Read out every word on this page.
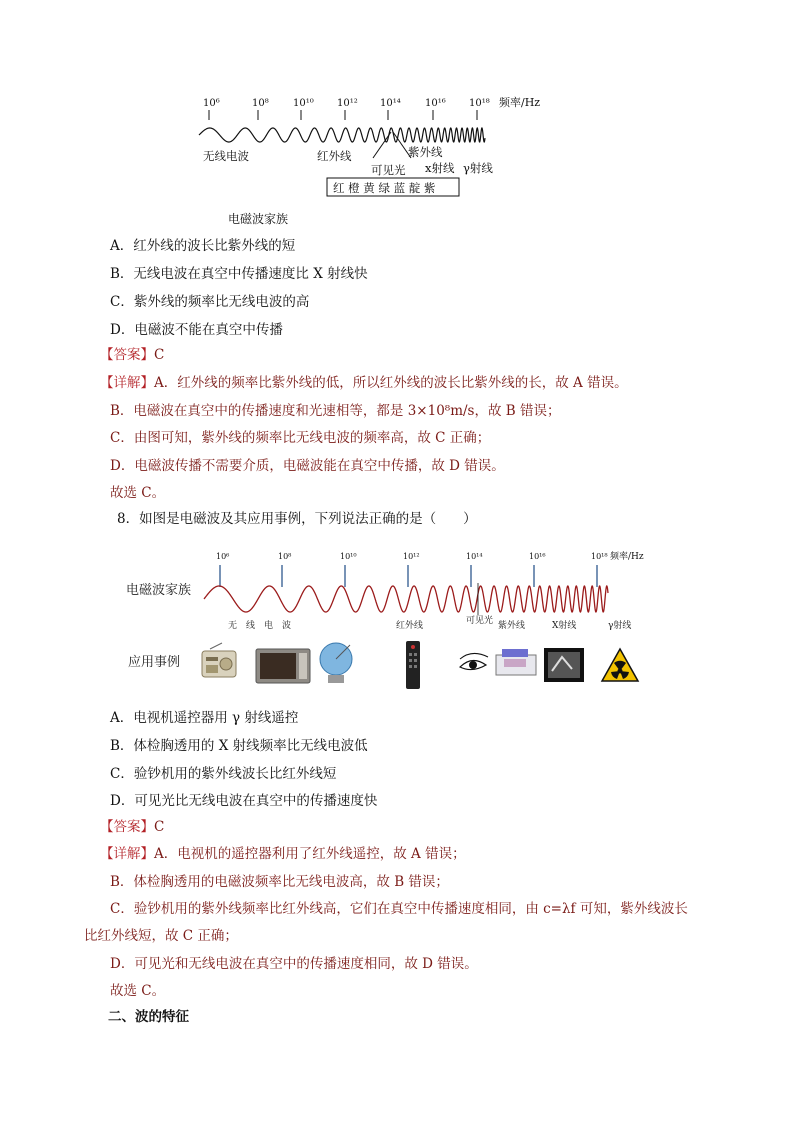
10⁶	10⁸ 10¹⁰ 10¹² 10¹⁴ 10¹⁶ 10¹⁸ 频率/Hz
无线电波	红外线	紫外线
可见光 x射线 γ射线
红 橙 黄 绿 蓝 靛 紫
电磁波家族
A．红外线的波长比紫外线的短
B．无线电波在真空中传播速度比 X 射线快
C．紫外线的频率比无线电波的高
D．电磁波不能在真空中传播
【答案】C
【详解】A．红外线的频率比紫外线的低，所以红外线的波长比紫外线的长，故 A 错误。
B．电磁波在真空中的传播速度和光速相等，都是 3×10⁸m/s，故 B 错误；
C．由图可知，紫外线的频率比无线电波的频率高，故 C 正确；
D．电磁波传播不需要介质，电磁波能在真空中传播，故 D 错误。
故选 C。
8．如图是电磁波及其应用事例，下列说法正确的是（　　）
10⁶	10⁸	10¹⁰	10¹²	10¹⁴	10¹⁶	10¹⁸ 频率/Hz
电磁波家族
无　线　电　波	红外线	可见光 紫外线	X射线	γ射线
应用事例
A．电视机遥控器用 γ 射线遥控
B．体检胸透用的 X 射线频率比无线电波低
C．验钞机用的紫外线波长比红外线短
D．可见光比无线电波在真空中的传播速度快
【答案】C
【详解】A．电视机的遥控器利用了红外线遥控，故 A 错误；
B．体检胸透用的电磁波频率比无线电波高，故 B 错误；
C．验钞机用的紫外线频率比红外线高，它们在真空中传播速度相同，由 c=λf 可知，紫外线波长
比红外线短，故 C 正确；
D．可见光和无线电波在真空中的传播速度相同，故 D 错误。
故选 C。
二、波的特征
